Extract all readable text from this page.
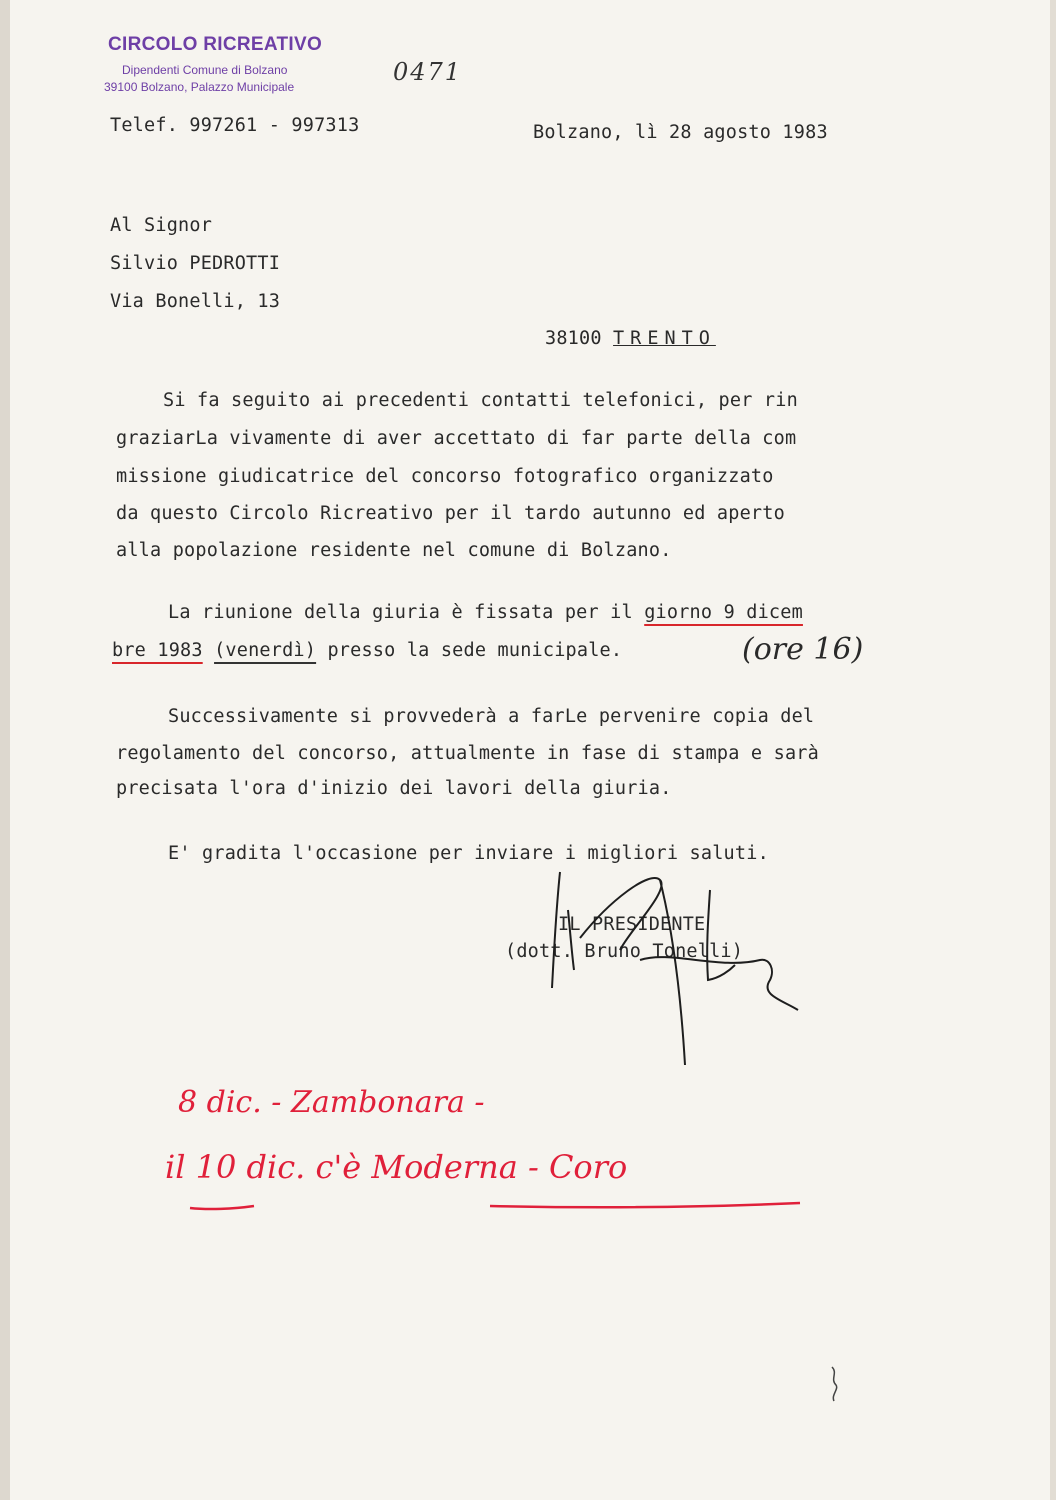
CIRCOLO RICREATIVO
Dipendenti Comune di Bolzano
39100 Bolzano, Palazzo Municipale
0471
Telef. 997261 - 997313	Bolzano, lì 28 agosto 1983
Al Signor
Silvio PEDROTTI
Via Bonelli, 13
38100 TRENTO
Si fa seguito ai precedenti contatti telefonici, per rin
graziarLa vivamente di aver accettato di far parte della com
missione giudicatrice del concorso fotografico organizzato
da questo Circolo Ricreativo per il tardo autunno ed aperto
alla popolazione residente nel comune di Bolzano.
La riunione della giuria è fissata per il giorno 9 dicem
bre 1983 (venerdì) presso la sede municipale.	(ore 16)
Successivamente si provvederà a farLe pervenire copia del
regolamento del concorso, attualmente in fase di stampa e sarà
precisata l'ora d'inizio dei lavori della giuria.
E' gradita l'occasione per inviare i migliori saluti.
IL PRESIDENTE
(dott. Bruno Tonelli)
8 dic. - Zambonara -
il 10 dic. c'è Moderna - Coro
